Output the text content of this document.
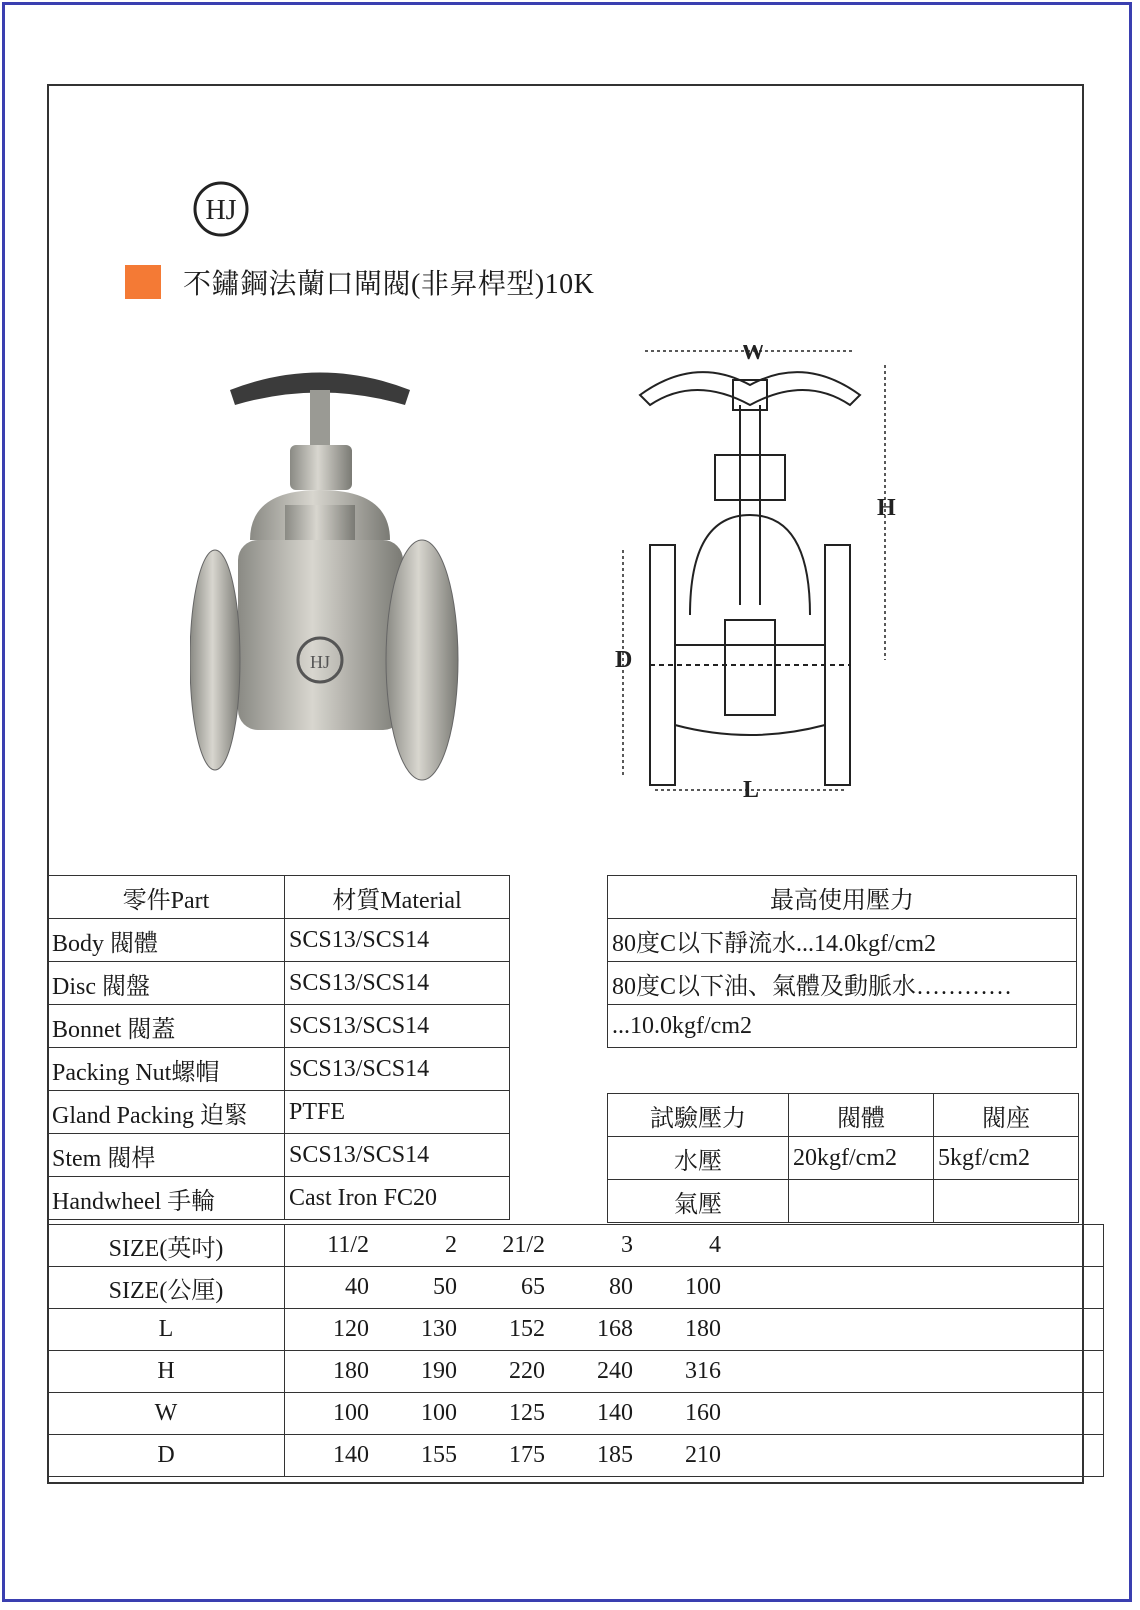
HJ
不鏽鋼法蘭口閘閥(非昇桿型)10K
HJ
W
H
D
L
零件Part	材質Material
Body 閥體	SCS13/SCS14
Disc 閥盤	SCS13/SCS14
Bonnet 閥蓋	SCS13/SCS14
Packing Nut螺帽	SCS13/SCS14
Gland Packing 迫緊	PTFE
Stem 閥桿	SCS13/SCS14
Handwheel 手輪	Cast Iron FC20
最高使用壓力
80度C以下靜流水...14.0kgf/cm2
80度C以下油、氣體及動脈水…………
...10.0kgf/cm2
試驗壓力	閥體	閥座
水壓	20kgf/cm2	5kgf/cm2
氣壓		
SIZE(英吋)	11/2	2	21/2	3	4	
SIZE(公厘)	40	50	65	80	100	
L	120	130	152	168	180	
H	180	190	220	240	316	
W	100	100	125	140	160	
D	140	155	175	185	210	
